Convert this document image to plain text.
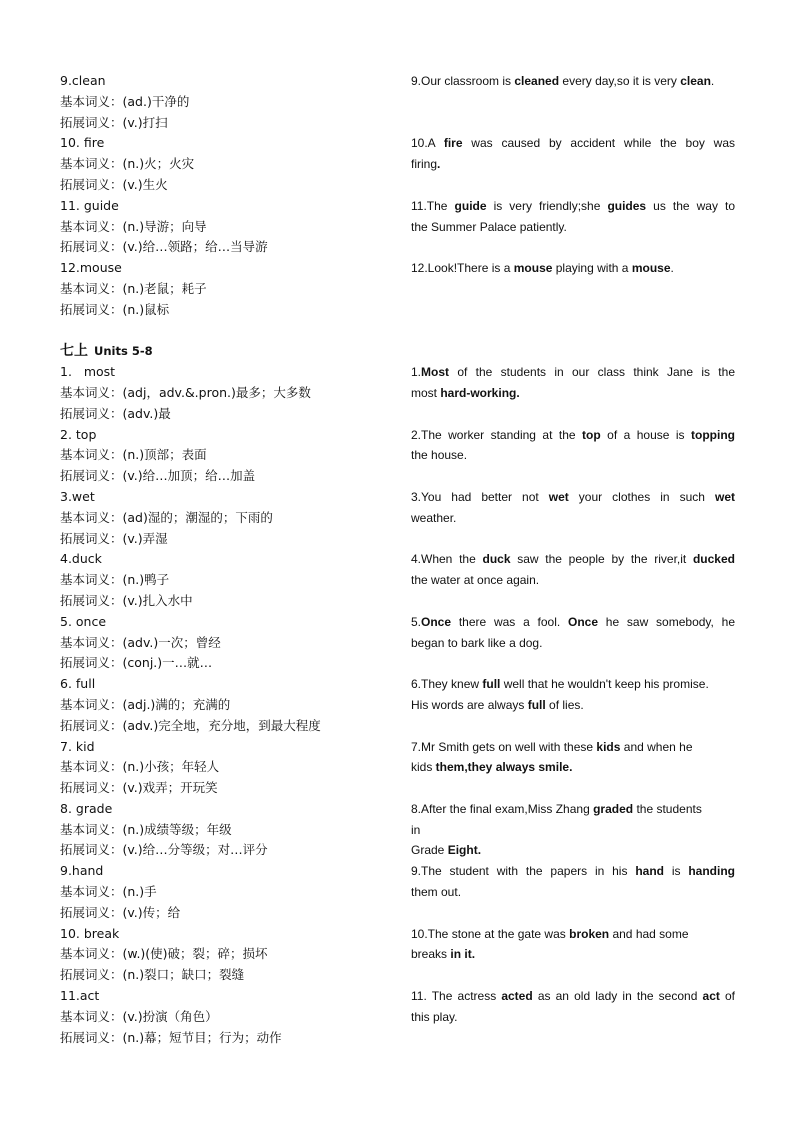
9.clean
基本词义：(ad.)干净的
拓展词义：(v.)打扫
10. fire
基本词义：(n.)火；火灾
拓展词义：(v.)生火
11. guide
基本词义：(n.)导游；向导
拓展词义：(v.)给…领路；给…当导游
12.mouse
基本词义：(n.)老鼠；耗子
拓展词义：(n.)鼠标
七上 Units 5-8
1.   most
基本词义：(adj，adv.&.pron.)最多；大多数
拓展词义：(adv.)最
2. top
基本词义：(n.)顶部；表面
拓展词义：(v.)给…加顶；给…加盖
3.wet
基本词义：(ad)湿的；潮湿的；下雨的
拓展词义：(v.)弄湿
4.duck
基本词义：(n.)鸭子
拓展词义：(v.)扎入水中
5. once
基本词义：(adv.)一次；曾经
拓展词义：(conj.)一…就…
6. full
基本词义：(adj.)满的；充满的
拓展词义：(adv.)完全地，充分地，到最大程度
7. kid
基本词义：(n.)小孩；年轻人
拓展词义：(v.)戏弄；开玩笑
8. grade
基本词义：(n.)成绩等级；年级
拓展词义：(v.)给…分等级；对…评分
9.hand
基本词义：(n.)手
拓展词义：(v.)传；给
10. break
基本词义：(w.)(使)破；裂；碎；损坏
拓展词义：(n.)裂口；缺口；裂缝
11.act
基本词义：(v.)扮演（角色）
拓展词义：(n.)幕；短节目；行为；动作
9.Our classroom is cleaned every day,so it is very clean.
10.A fire was caused by accident while the boy was
firing.
11.The guide is very friendly;she guides us the way to
the Summer Palace patiently.
12.Look!There is a mouse playing with a mouse.
1.Most of the students in our class think Jane is the
most hard-working.
2.The worker standing at the top of a house is topping
the house.
3.You had better not wet your clothes in such wet
weather.
4.When the duck saw the people by the river,it ducked
the water at once again.
5.Once there was a fool. Once he saw somebody, he
began to bark like a dog.
6.They knew full well that he wouldn't keep his promise.
His words are always full of lies.
7.Mr Smith gets on well with these kids and when he
kids them,they always smile.
8.After the final exam,Miss Zhang graded the students
in
Grade Eight.
9.The student with the papers in his hand is handing
them out.
10.The stone at the gate was broken and had some
breaks in it.
11. The actress acted as an old lady in the second act of
this play.
